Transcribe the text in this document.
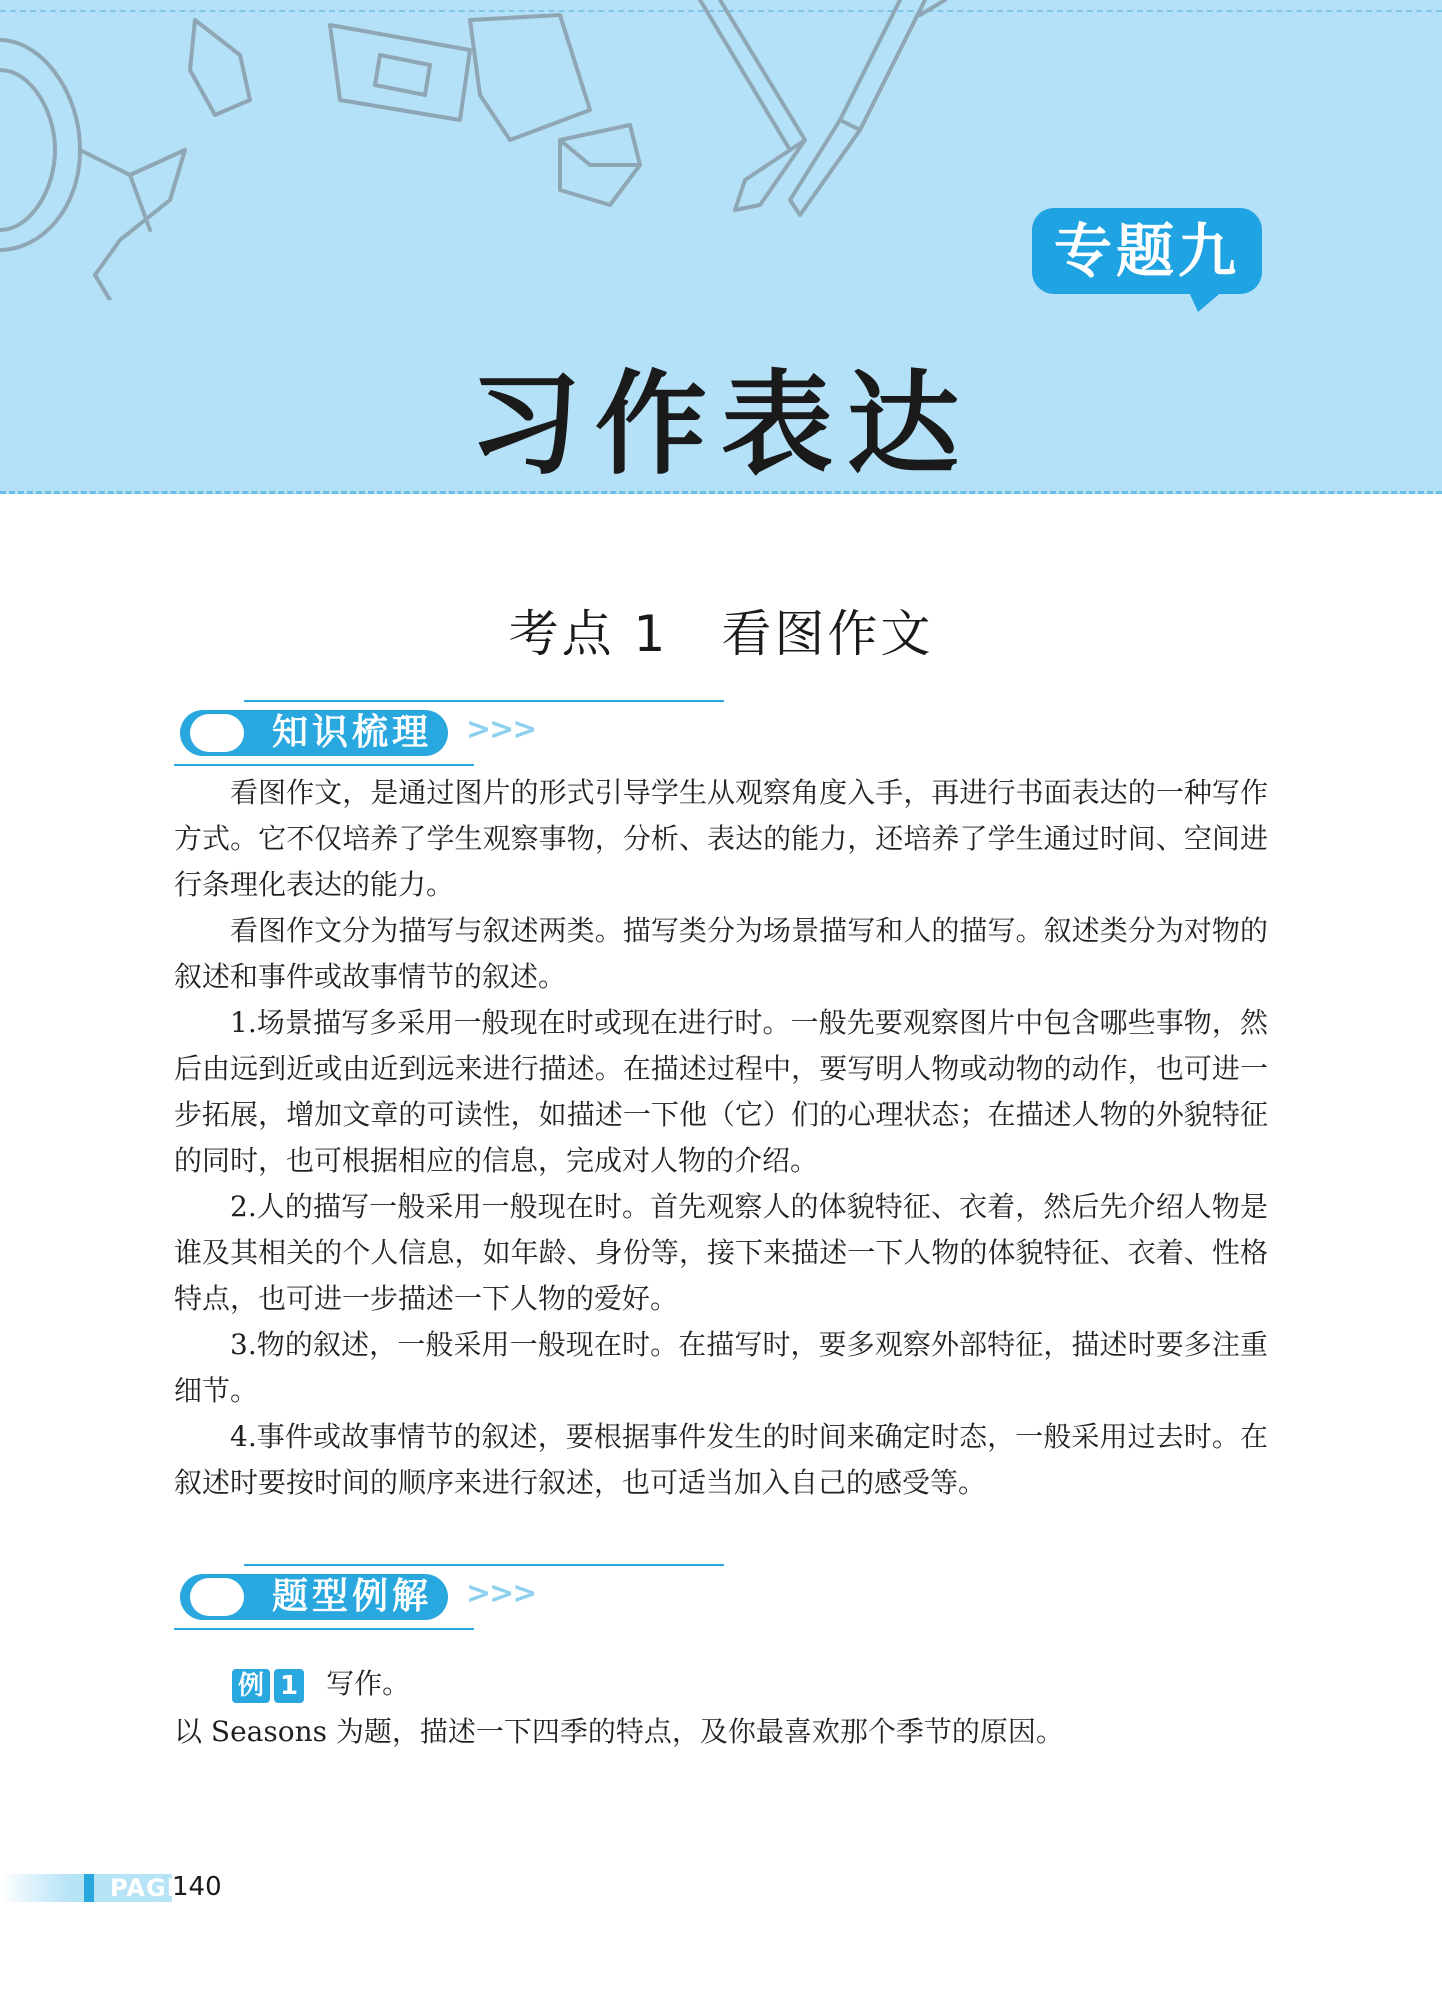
专题九
习作表达
考点 1　看图作文
知识梳理 >>>

看图作文，是通过图片的形式引导学生从观察角度入手，再进行书面表达的一种写作方式。它不仅培养了学生观察事物，分析、表达的能力，还培养了学生通过时间、空间进行条理化表达的能力。

看图作文分为描写与叙述两类。描写类分为场景描写和人的描写。叙述类分为对物的叙述和事件或故事情节的叙述。

1.场景描写多采用一般现在时或现在进行时。一般先要观察图片中包含哪些事物，然后由远到近或由近到远来进行描述。在描述过程中，要写明人物或动物的动作，也可进一步拓展，增加文章的可读性，如描述一下他（它）们的心理状态；在描述人物的外貌特征的同时，也可根据相应的信息，完成对人物的介绍。

2.人的描写一般采用一般现在时。首先观察人的体貌特征、衣着，然后先介绍人物是谁及其相关的个人信息，如年龄、身份等，接下来描述一下人物的体貌特征、衣着、性格特点，也可进一步描述一下人物的爱好。

3.物的叙述，一般采用一般现在时。在描写时，要多观察外部特征，描述时要多注重细节。

4.事件或故事情节的叙述，要根据事件发生的时间来确定时态，一般采用过去时。在叙述时要按时间的顺序来进行叙述，也可适当加入自己的感受等。

题型例解 >>>
例 1 写作。
以 Seasons 为题，描述一下四季的特点，及你最喜欢那个季节的原因。
PAGE
140
